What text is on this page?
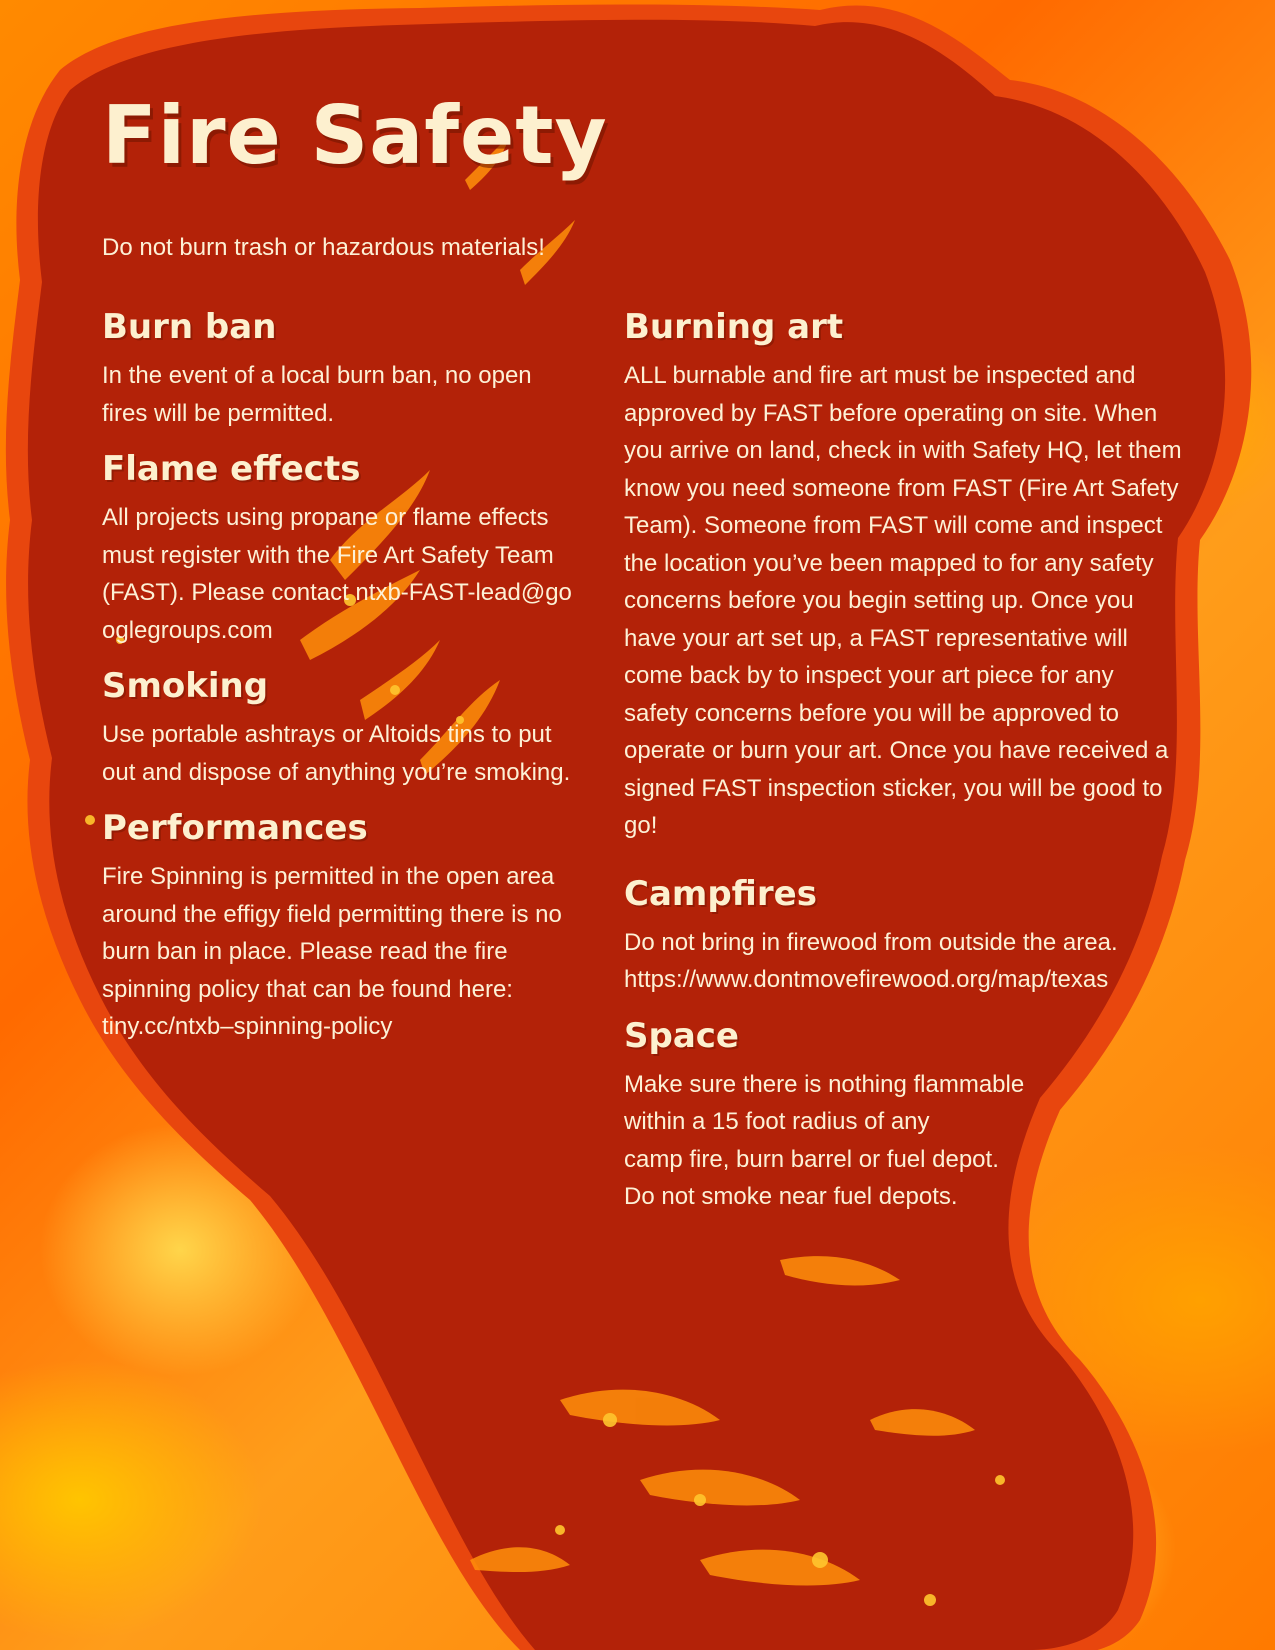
Fire Safety

Do not burn trash or hazardous materials!

Burn ban

In the event of a local burn ban, no open fires will be permitted.

Flame effects

All projects using propane or flame effects must register with the Fire Art Safety Team (FAST). Please contact ntxb-FAST-lead@googlegroups.com

Smoking

Use portable ashtrays or Altoids tins to put out and dispose of anything you’re smoking.

Performances

Fire Spinning is permitted in the open area around the effigy field permitting there is no burn ban in place. Please read the fire spinning policy that can be found here: tiny.cc/ntxb–spinning-policy

Burning art

ALL burnable and fire art must be inspected and approved by FAST before operating on site. When you arrive on land, check in with Safety HQ, let them know you need someone from FAST (Fire Art Safety Team). Someone from FAST will come and inspect the location you’ve been mapped to for any safety concerns before you begin setting up. Once you have your art set up, a FAST representative will come back by to inspect your art piece for any safety concerns before you will be approved to operate or burn your art. Once you have received a signed FAST inspection sticker, you will be good to go!

Campfires

Do not bring in firewood from outside the area.

https://www.dontmovefirewood.org/map/texas

Space

Make sure there is nothing flammable

within a 15 foot radius of any

camp fire, burn barrel or fuel depot.

Do not smoke near fuel depots.
